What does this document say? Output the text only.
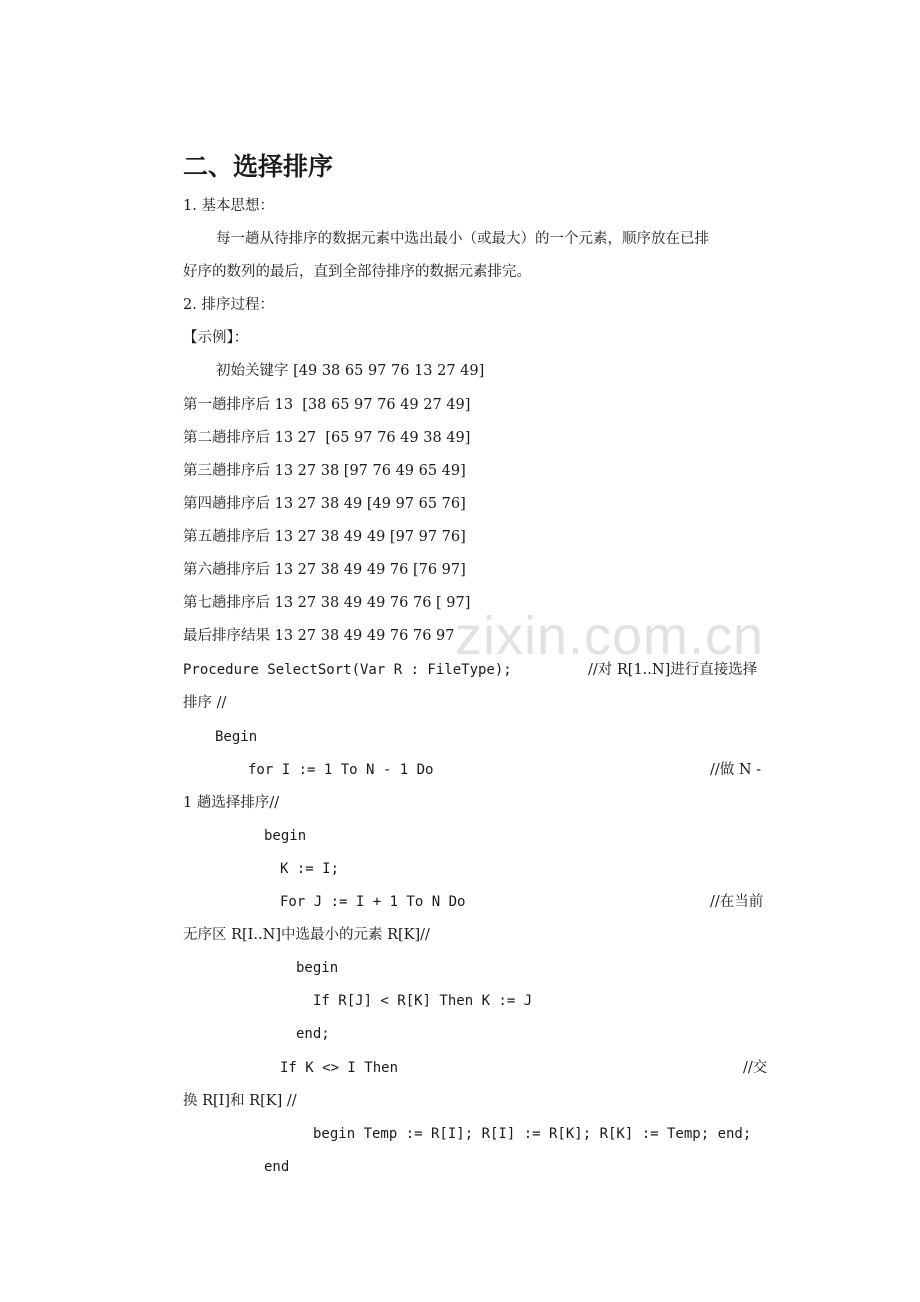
zixin.com.cn
二、选择排序
1. 基本思想：
每一趟从待排序的数据元素中选出最小（或最大）的一个元素，顺序放在已排
好序的数列的最后，直到全部待排序的数据元素排完。
2. 排序过程：
【示例】：
初始关键字 [49 38 65 97 76 13 27 49]
第一趟排序后 13  [38 65 97 76 49 27 49]
第二趟排序后 13 27  [65 97 76 49 38 49]
第三趟排序后 13 27 38 [97 76 49 65 49]
第四趟排序后 13 27 38 49 [49 97 65 76]
第五趟排序后 13 27 38 49 49 [97 97 76]
第六趟排序后 13 27 38 49 49 76 [76 97]
第七趟排序后 13 27 38 49 49 76 76 [ 97]
最后排序结果 13 27 38 49 49 76 76 97
Procedure SelectSort(Var R : FileType);	//对 R[1..N]进行直接选择
排序 //
Begin
for I := 1 To N - 1 Do	//做 N -
1 趟选择排序//
begin
K := I;
For J := I + 1 To N Do	//在当前
无序区 R[I..N]中选最小的元素 R[K]//
begin
If R[J] < R[K] Then K := J
end;
If K <> I Then	//交
换 R[I]和 R[K] //
begin Temp := R[I]; R[I] := R[K]; R[K] := Temp; end;
end
